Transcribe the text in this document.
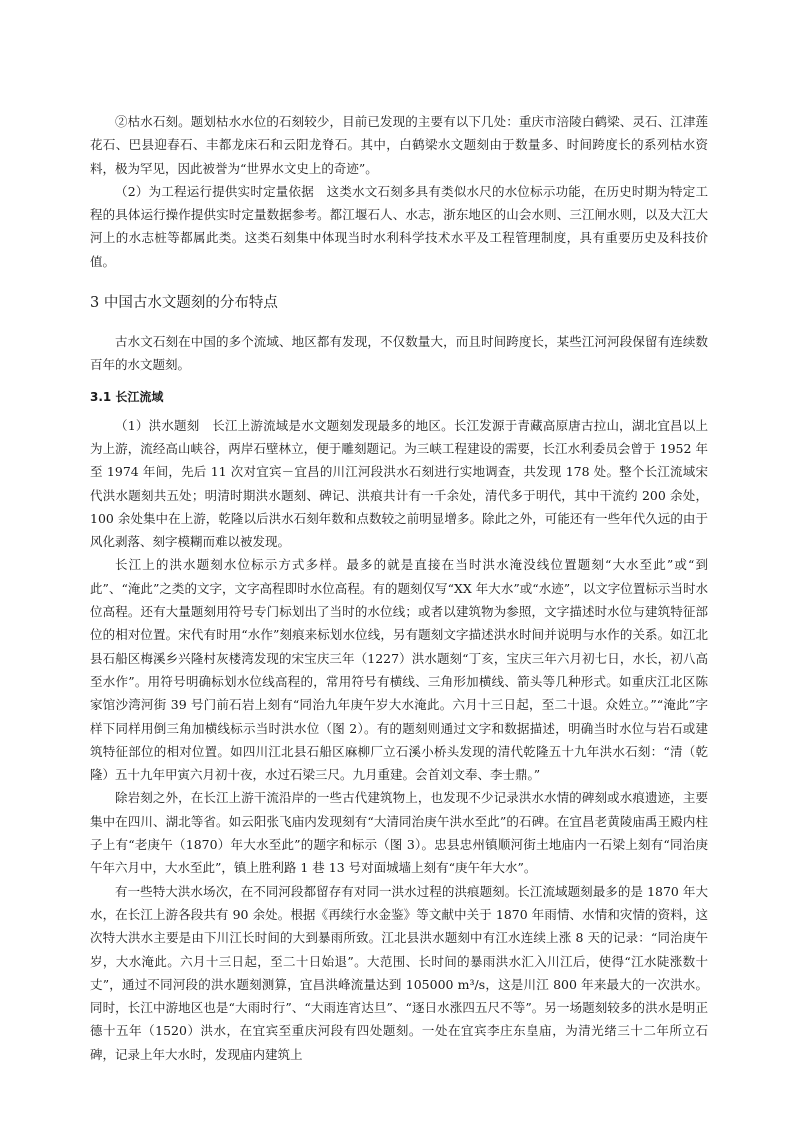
②枯水石刻。题划枯水水位的石刻较少，目前已发现的主要有以下几处：重庆市涪陵白鹤梁、灵石、江津莲花石、巴县迎春石、丰都龙床石和云阳龙脊石。其中，白鹤梁水文题刻由于数量多、时间跨度长的系列枯水资料，极为罕见，因此被誉为“世界水文史上的奇迹”。

（2）为工程运行提供实时定量依据　这类水文石刻多具有类似水尺的水位标示功能，在历史时期为特定工程的具体运行操作提供实时定量数据参考。都江堰石人、水志，浙东地区的山会水则、三江闸水则，以及大江大河上的水志桩等都属此类。这类石刻集中体现当时水利科学技术水平及工程管理制度，具有重要历史及科技价值。

3 中国古水文题刻的分布特点

古水文石刻在中国的多个流域、地区都有发现，不仅数量大，而且时间跨度长，某些江河河段保留有连续数百年的水文题刻。

3.1 长江流域

（1）洪水题刻　长江上游流域是水文题刻发现最多的地区。长江发源于青藏高原唐古拉山，湖北宜昌以上为上游，流经高山峡谷，两岸石壁林立，便于雕刻题记。为三峡工程建设的需要，长江水利委员会曾于 1952 年至 1974 年间，先后 11 次对宜宾－宜昌的川江河段洪水石刻进行实地调查，共发现 178 处。整个长江流域宋代洪水题刻共五处；明清时期洪水题刻、碑记、洪痕共计有一千余处，清代多于明代，其中干流约 200 余处，100 余处集中在上游，乾隆以后洪水石刻年数和点数较之前明显增多。除此之外，可能还有一些年代久远的由于风化剥落、刻字模糊而难以被发现。

长江上的洪水题刻水位标示方式多样。最多的就是直接在当时洪水淹没线位置题刻“大水至此”或“到此”、“淹此”之类的文字，文字高程即时水位高程。有的题刻仅写“XX 年大水”或“水迹”，以文字位置标示当时水位高程。还有大量题刻用符号专门标划出了当时的水位线；或者以建筑物为参照，文字描述时水位与建筑特征部位的相对位置。宋代有时用“水作”刻痕来标划水位线，另有题刻文字描述洪水时间并说明与水作的关系。如江北县石船区梅溪乡兴隆村灰楼湾发现的宋宝庆三年（1227）洪水题刻“丁亥，宝庆三年六月初七日，水长，初八高至水作”。用符号明确标划水位线高程的，常用符号有横线、三角形加横线、箭头等几种形式。如重庆江北区陈家馆沙湾河街 39 号门前石岩上刻有“同治九年庚午岁大水淹此。六月十三日起，至二十退。众姓立。”“淹此”字样下同样用倒三角加横线标示当时洪水位（图 2）。有的题刻则通过文字和数据描述，明确当时水位与岩石或建筑特征部位的相对位置。如四川江北县石船区麻柳厂立石溪小桥头发现的清代乾隆五十九年洪水石刻：“清（乾隆）五十九年甲寅六月初十夜，水过石梁三尺。九月重建。会首刘文奉、李士鼎。”

除岩刻之外，在长江上游干流沿岸的一些古代建筑物上，也发现不少记录洪水水情的碑刻或水痕遗迹，主要集中在四川、湖北等省。如云阳张飞庙内发现刻有“大清同治庚午洪水至此”的石碑。在宜昌老黄陵庙禹王殿内柱子上有“老庚午（1870）年大水至此”的题字和标示（图 3）。忠县忠州镇顺河街土地庙内一石梁上刻有“同治庚午年六月中，大水至此”，镇上胜利路 1 巷 13 号对面城墙上刻有“庚午年大水”。

有一些特大洪水场次，在不同河段都留存有对同一洪水过程的洪痕题刻。长江流域题刻最多的是 1870 年大水，在长江上游各段共有 90 余处。根据《再续行水金鉴》等文献中关于 1870 年雨情、水情和灾情的资料，这次特大洪水主要是由下川江长时间的大到暴雨所致。江北县洪水题刻中有江水连续上涨 8 天的记录：“同治庚午岁，大水淹此。六月十三日起，至二十日始退”。大范围、长时间的暴雨洪水汇入川江后，使得“江水陡涨数十丈”，通过不同河段的洪水题刻测算，宜昌洪峰流量达到 105000 m³/s，这是川江 800 年来最大的一次洪水。同时，长江中游地区也是“大雨时行”、“大雨连宵达旦”、“逐日水涨四五尺不等”。另一场题刻较多的洪水是明正德十五年（1520）洪水，在宜宾至重庆河段有四处题刻。一处在宜宾李庄东皇庙，为清光绪三十二年所立石碑，记录上年大水时，发现庙内建筑上
